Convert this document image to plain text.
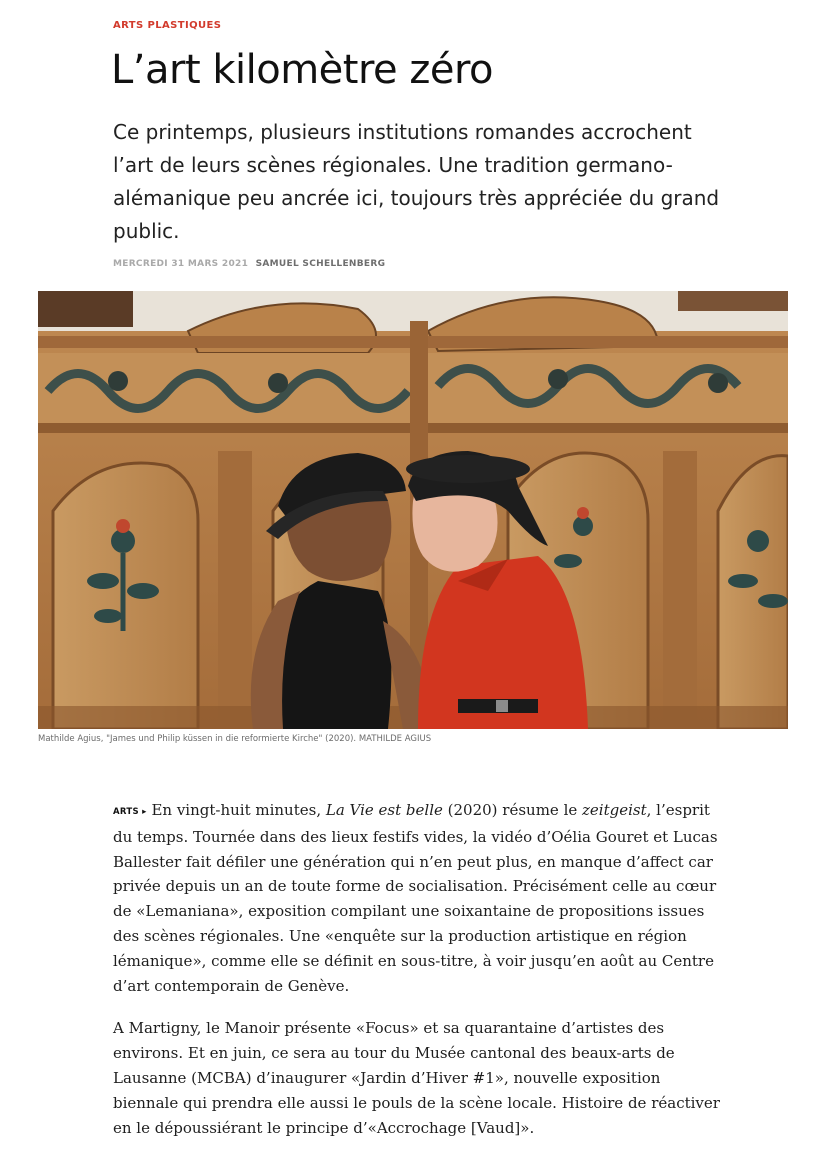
ARTS PLASTIQUES
L’art kilomètre zéro

Ce printemps, plusieurs institutions romandes accrochent l’art de leurs scènes régionales. Une tradition germano-alémanique peu ancrée ici, toujours très appréciée du grand public.

MERCREDI 31 MARS 2021 SAMUEL SCHELLENBERG
Mathilde Agius, "James und Philip küssen in die reformierte Kirche" (2020). MATHILDE AGIUS

ARTS ▸ En vingt-huit minutes, La Vie est belle (2020) résume le zeitgeist, l’esprit du temps. Tournée dans des lieux festifs vides, la vidéo d’Oélia Gouret et Lucas Ballester fait défiler une génération qui n’en peut plus, en manque d’affect car privée depuis un an de toute forme de socialisation. Précisément celle au cœur de «Lemaniana», exposition compilant une soixantaine de propositions issues des scènes régionales. Une «enquête sur la production artistique en région lémanique», comme elle se définit en sous-titre, à voir jusqu’en août au Centre d’art contemporain de Genève.

A Martigny, le Manoir présente «Focus» et sa quarantaine d’artistes des environs. Et en juin, ce sera au tour du Musée cantonal des beaux-arts de Lausanne (MCBA) d’inaugurer «Jardin d’Hiver #1», nouvelle exposition biennale qui prendra elle aussi le pouls de la scène locale. Histoire de réactiver en le dépoussiérant le principe d’«Accrochage [Vaud]».
